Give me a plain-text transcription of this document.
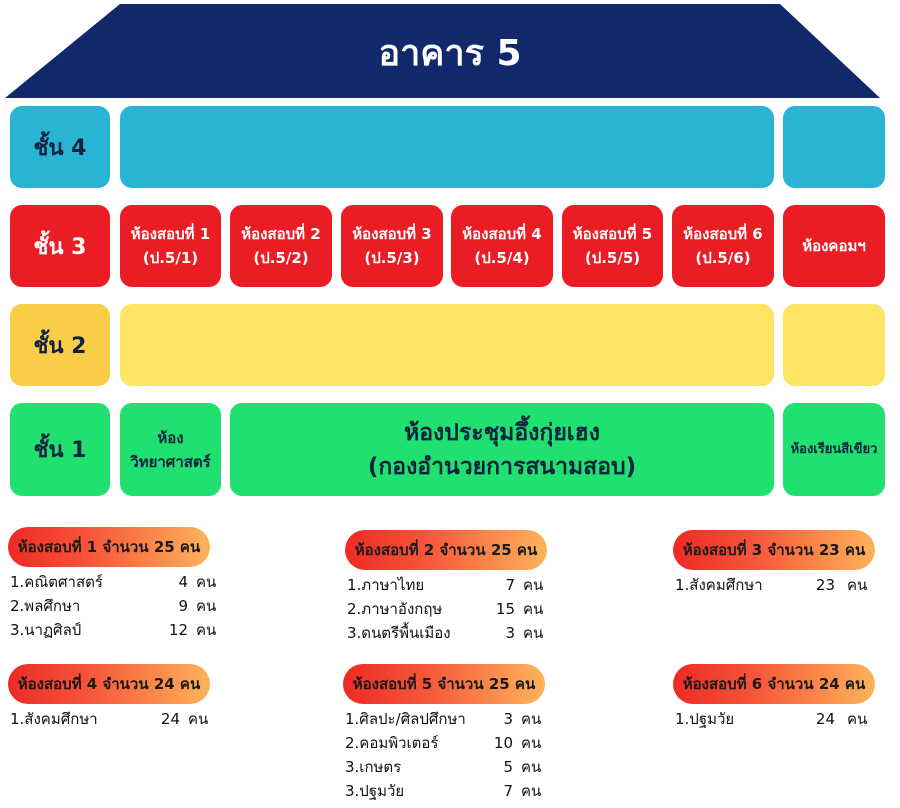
อาคาร 5
ชั้น 4
ชั้น 3
ห้องสอบที่ 1
(ป.5/1)
ห้องสอบที่ 2
(ป.5/2)
ห้องสอบที่ 3
(ป.5/3)
ห้องสอบที่ 4
(ป.5/4)
ห้องสอบที่ 5
(ป.5/5)
ห้องสอบที่ 6
(ป.5/6)
ห้องคอมฯ
ชั้น 2
ชั้น 1
ห้อง
วิทยาศาสตร์
ห้องประชุมอึ้งกุ่ยเฮง
(กองอำนวยการสนามสอบ)
ห้องเรียนสีเขียว
ห้องสอบที่ 1 จำนวน 25 คน
1.คณิตศาสตร์	4 คน
2.พลศึกษา	9 คน
3.นาฏศิลป์	12 คน
ห้องสอบที่ 2 จำนวน 25 คน
1.ภาษาไทย	7 คน
2.ภาษาอังกฤษ	15 คน
3.ดนตรีพื้นเมือง	3 คน
ห้องสอบที่ 3 จำนวน 23 คน
1.สังคมศึกษา	23 คน
ห้องสอบที่ 4 จำนวน 24 คน
1.สังคมศึกษา	24 คน
ห้องสอบที่ 5 จำนวน 25 คน
1.ศิลปะ/ศิลปศึกษา	3 คน
2.คอมพิวเตอร์	10 คน
3.เกษตร	5 คน
3.ปฐมวัย	7 คน
ห้องสอบที่ 6 จำนวน 24 คน
1.ปฐมวัย	24 คน
